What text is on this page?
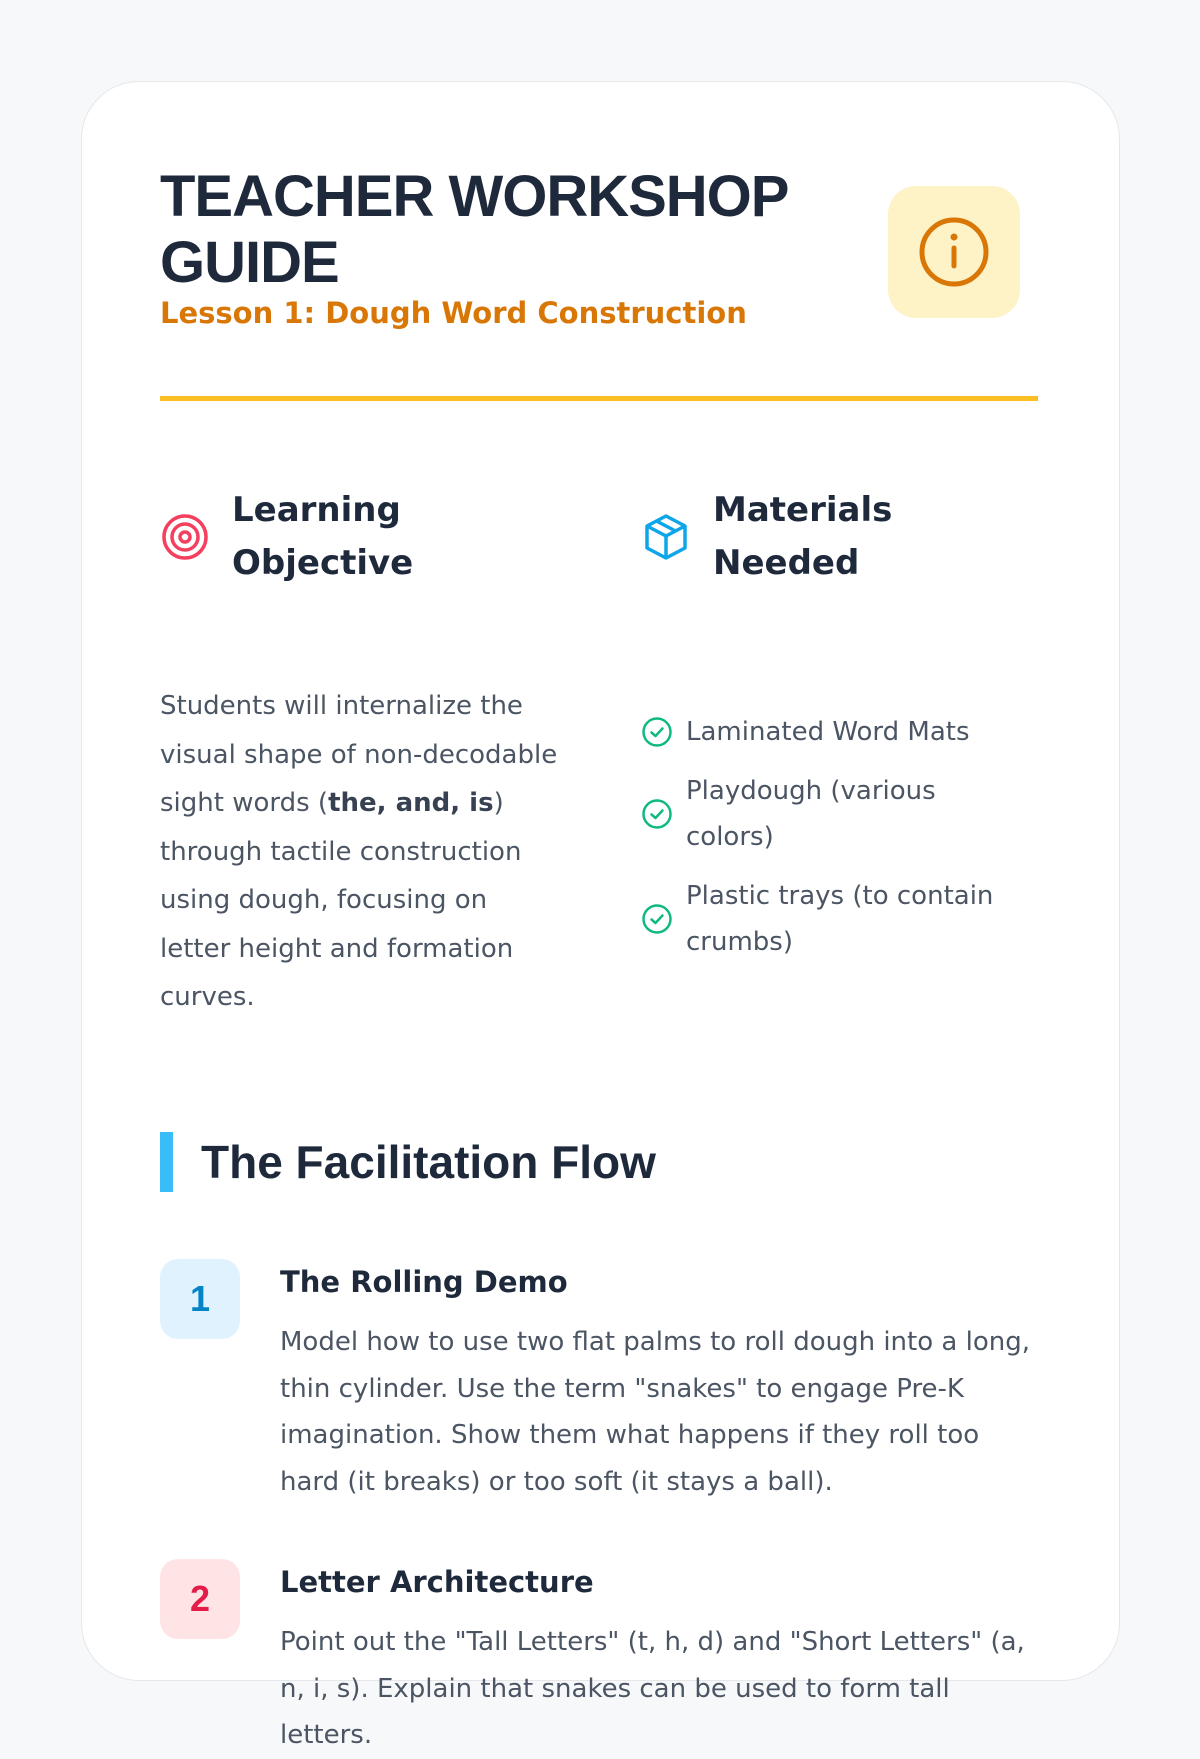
TEACHER WORKSHOP GUIDE
Lesson 1: Dough Word Construction
Learning Objective
Materials Needed

Students will internalize the visual shape of non-decodable sight words (the, and, is) through tactile construction using dough, focusing on letter height and formation curves.

Laminated Word Mats
Playdough (various colors)
Plastic trays (to contain crumbs)
The Facilitation Flow
1	The Rolling Demo
Model how to use two flat palms to roll dough into a long, thin cylinder. Use the term "snakes" to engage Pre-K imagination. Show them what happens if they roll too hard (it breaks) or too soft (it stays a ball).
2	Letter Architecture
Point out the "Tall Letters" (t, h, d) and "Short Letters" (a, n, i, s). Explain that snakes can be used to form tall letters.
